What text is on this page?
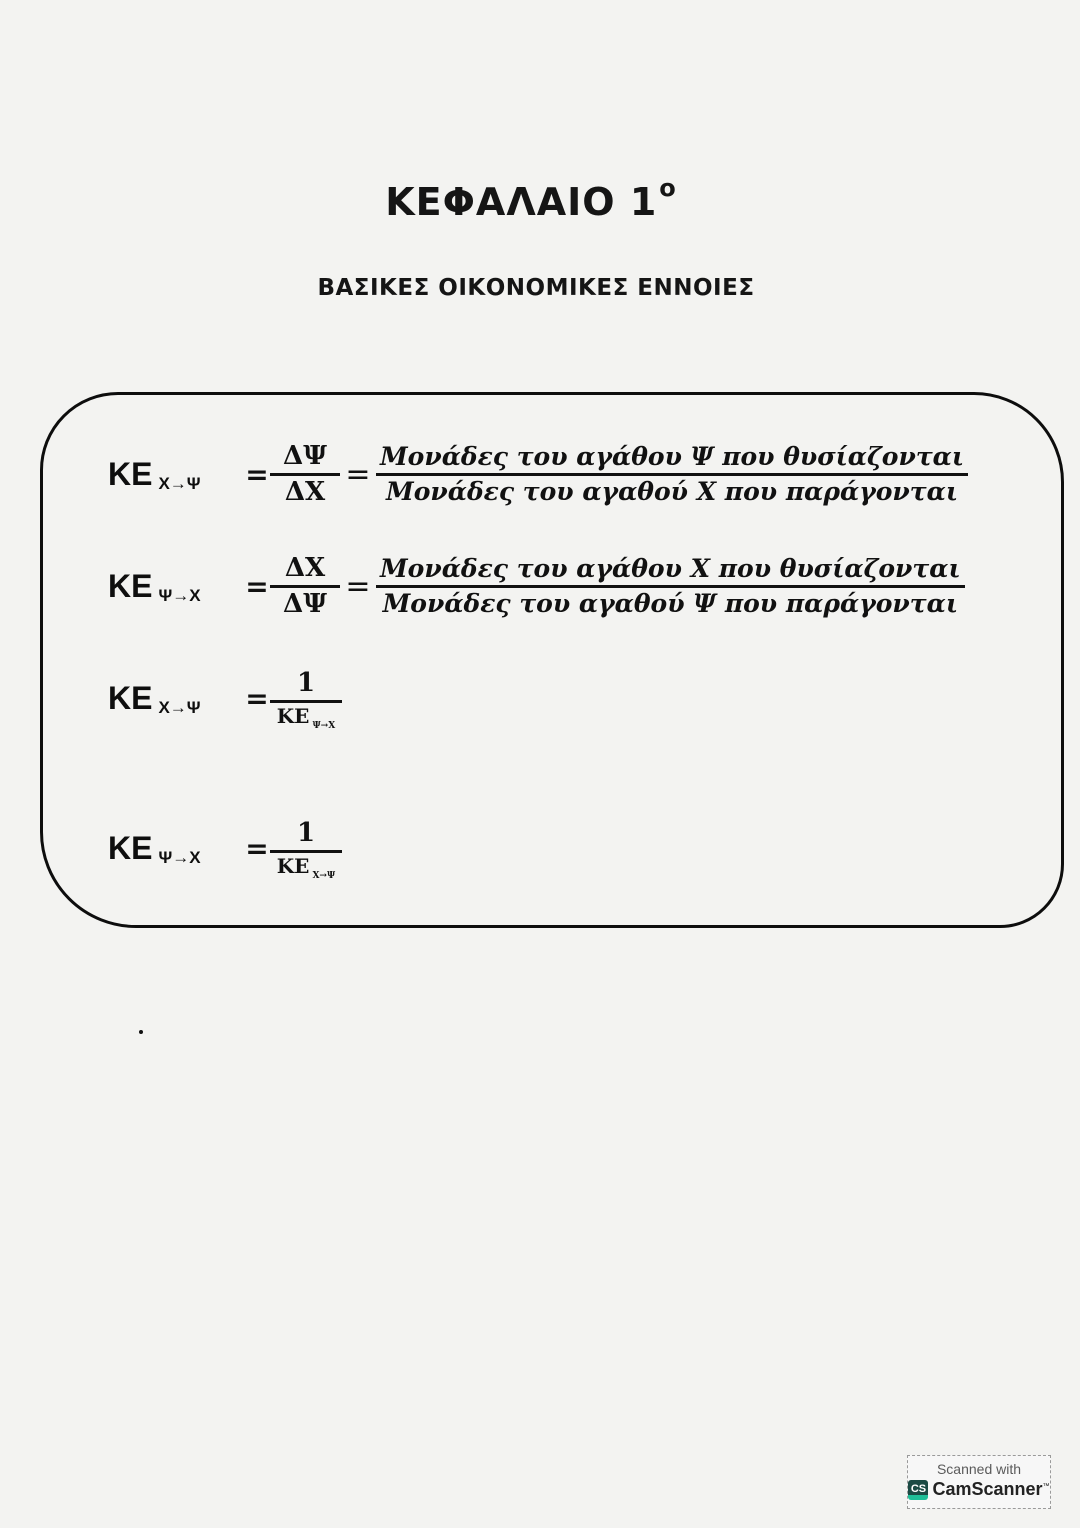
ΚΕΦΑΛΑΙΟ $1^o$
ΒΑΣΙΚΕΣ ΟΙΚΟΝΟΜΙΚΕΣ ΕΝΝΟΙΕΣ
ΚΕ Χ→Ψ	= $\frac{\Delta\Psi}{\Delta X} = \frac{\text{Μονάδες του αγάθου Ψ που θυσίαζονται}}{\text{Μονάδες του αγαθού Χ που παράγονται}}$
ΚΕ Ψ→Χ	= $\frac{\Delta X}{\Delta\Psi} = \frac{\text{Μονάδες του αγάθου Χ που θυσίαζονται}}{\text{Μονάδες του αγαθού Ψ που παράγονται}}$
ΚΕ Χ→Ψ	= $\frac{1}{KE _{\Psi\to X}}$
ΚΕ Ψ→Χ	= $\frac{1}{KE _{X\to\Psi}}$
Scanned with
CS CamScanner™
